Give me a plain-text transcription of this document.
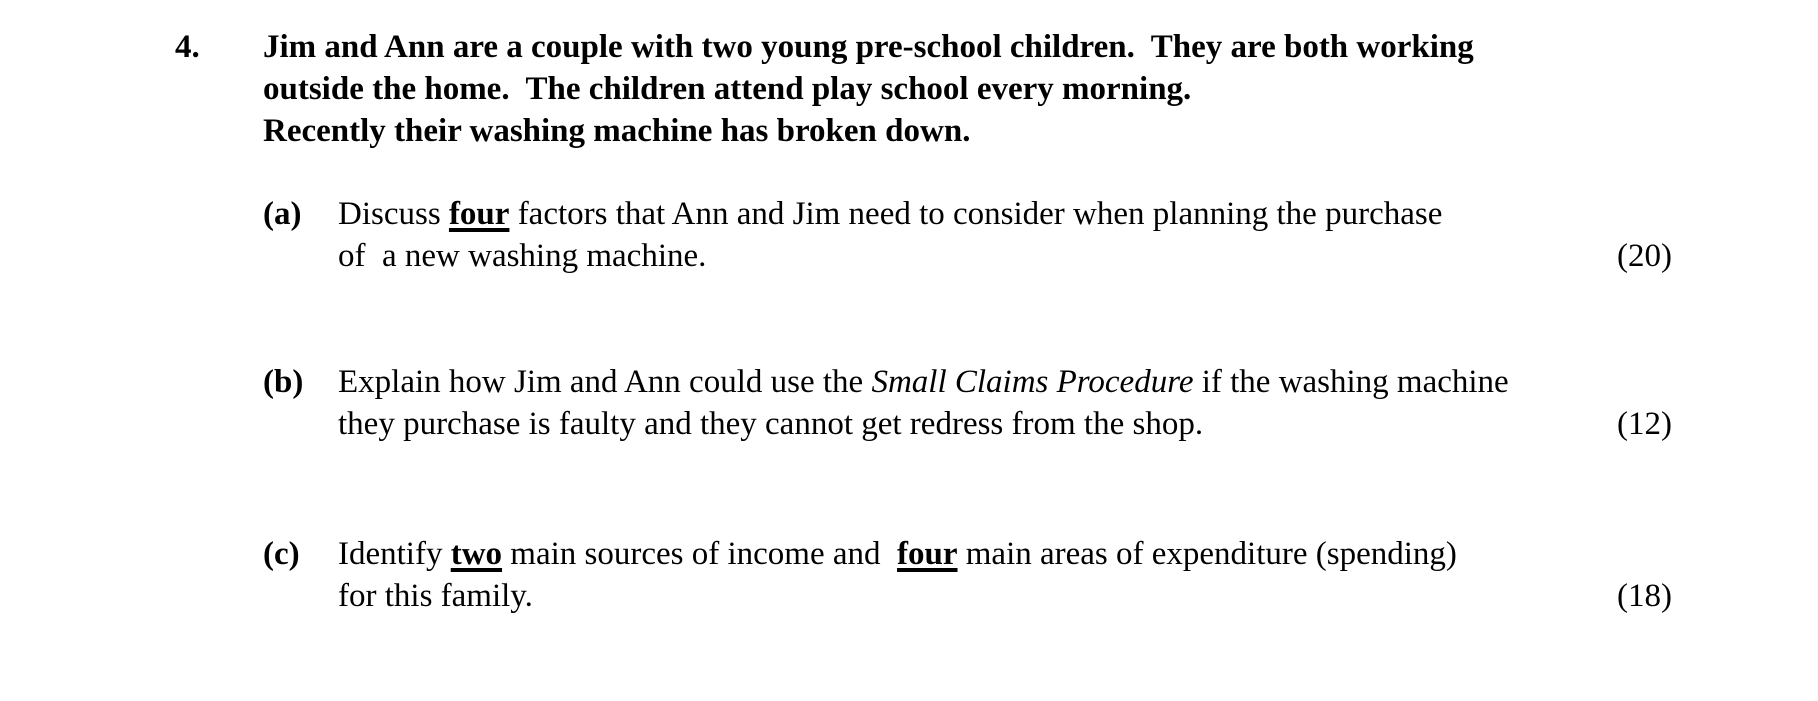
4.	Jim and Ann are a couple with two young pre-school children.  They are both working
outside the home.  The children attend play school every morning.
Recently their washing machine has broken down.
(a)	Discuss four factors that Ann and Jim need to consider when planning the purchase
of  a new washing machine.	(20)
(b)	Explain how Jim and Ann could use the Small Claims Procedure if the washing machine
they purchase is faulty and they cannot get redress from the shop.	(12)
(c)	Identify two main sources of income and  four main areas of expenditure (spending)
for this family.	(18)
